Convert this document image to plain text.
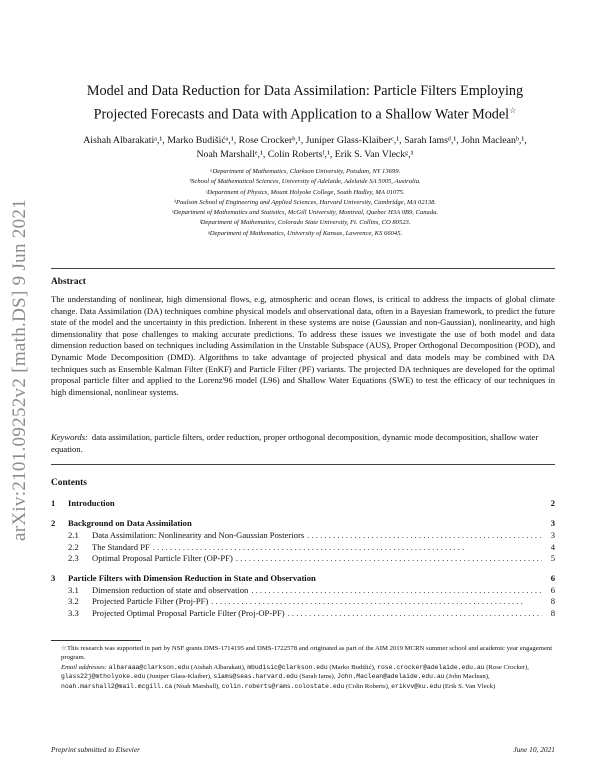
arXiv:2101.09252v2 [math.DS] 9 Jun 2021
Model and Data Reduction for Data Assimilation: Particle Filters Employing
Projected Forecasts and Data with Application to a Shallow Water Model☆
Aishah Albarakatiᵃ,¹, Marko Budišićᵃ,¹, Rose Crockerᵇ,¹, Juniper Glass-Klaiberᶜ,¹, Sarah Iamsᵈ,¹, John Macleanᵇ,¹,
Noah Marshallᵉ,¹, Colin Robertsᶠ,¹, Erik S. Van Vleckᵍ,¹
ᵃDepartment of Mathematics, Clarkson University, Potsdam, NY 13699.
ᵇSchool of Mathematical Sciences, University of Adelaide, Adelaide SA 5005, Australia.
ᶜDepartment of Physics, Mount Holyoke College, South Hadley, MA 01075.
ᵈPaulson School of Engineering and Applied Sciences, Harvard University, Cambridge, MA 02138.
ᵉDepartment of Mathematics and Statistics, McGill University, Montreal, Quebec H3A 0B9, Canada.
ᶠDepartment of Mathematics, Colorado State University, Ft. Collins, CO 80523.
ᵍDepartment of Mathematics, University of Kansas, Lawrence, KS 66045.
Abstract
The understanding of nonlinear, high dimensional flows, e.g, atmospheric and ocean flows, is critical to address the impacts of global climate change. Data Assimilation (DA) techniques combine physical models and observational data, often in a Bayesian framework, to predict the future state of the model and the uncertainty in this prediction. Inherent in these systems are noise (Gaussian and non-Gaussian), nonlinearity, and high dimensionality that pose challenges to making accurate predictions. To address these issues we investigate the use of both model and data dimension reduction based on techniques including Assimilation in the Unstable Subspace (AUS), Proper Orthogonal Decomposition (POD), and Dynamic Mode Decomposition (DMD). Algorithms to take advantage of projected physical and data models may be combined with DA techniques such as Ensemble Kalman Filter (EnKF) and Particle Filter (PF) variants. The projected DA techniques are developed for the optimal proposal particle filter and applied to the Lorenz'96 model (L96) and Shallow Water Equations (SWE) to test the efficacy of our techniques in high dimensional, nonlinear systems.
Keywords: data assimilation, particle filters, order reduction, proper orthogonal decomposition, dynamic mode decomposition, shallow water equation.
Contents
1	Introduction	2
2	Background on Data Assimilation	3
2.1	Data Assimilation: Nonlinearity and Non-Gaussian Posteriors . . .	3
2.2	The Standard PF . . .	4
2.3	Optimal Proposal Particle Filter (OP-PF) . . .	5
3	Particle Filters with Dimension Reduction in State and Observation	6
3.1	Dimension reduction of state and observation . . .	6
3.2	Projected Particle Filter (Proj-PF) . . .	8
3.3	Projected Optimal Proposal Particle Filter (Proj-OP-PF) . . .	8

☆This research was supported in part by NSF grants DMS-1714195 and DMS-1722578 and originated as part of the AIM 2019 MCRN summer school and academic year engagement program.

Email addresses: albaraaa@clarkson.edu (Aishah Albarakati), mbudisic@clarkson.edu (Marko Budišić), rose.crocker@adelaide.edu.au (Rose Crocker), glass22j@mtholyoke.edu (Juniper Glass-Klaiber), siams@seas.harvard.edu (Sarah Iams), John.Maclean@adelaide.edu.au (John Maclean), noah.marshall2@mail.mcgill.ca (Noah Marshall), colin.roberts@rams.colostate.edu (Colin Roberts), erikvv@ku.edu (Erik S. Van Vleck)

Preprint submitted to Elsevier	June 10, 2021
